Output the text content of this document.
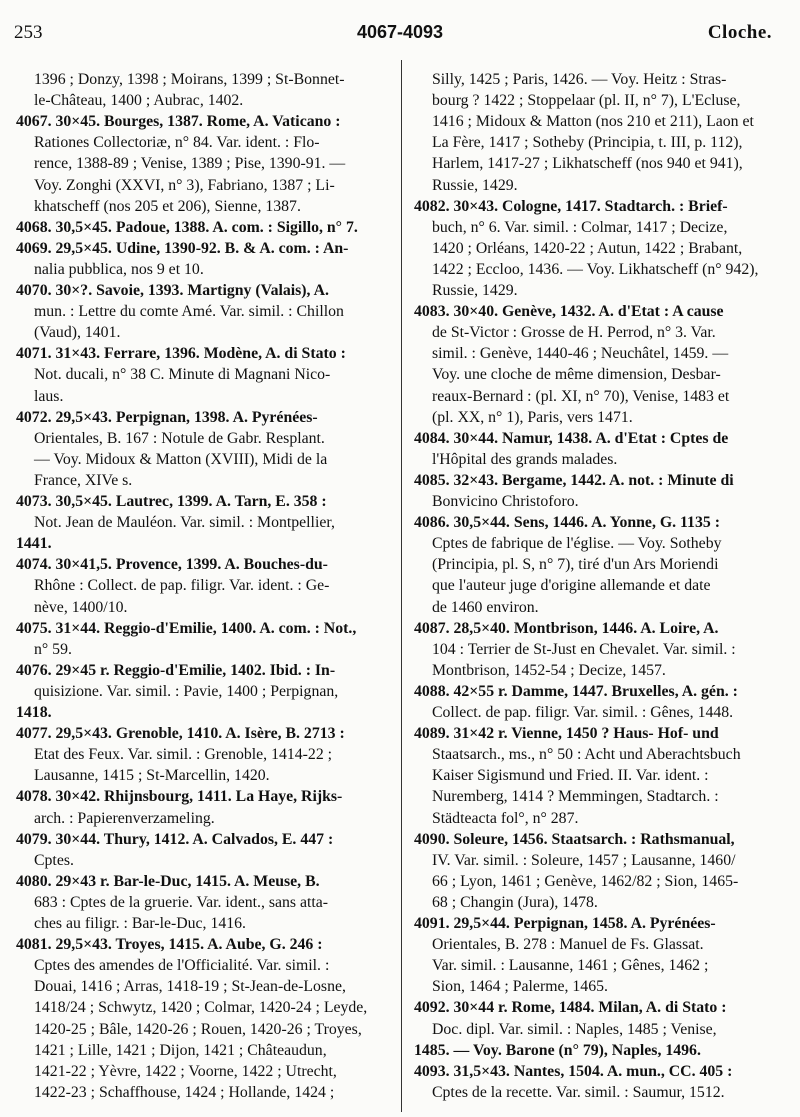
253	4067-4093	Cloche.
1396 ; Donzy, 1398 ; Moirans, 1399 ; St-Bonnet-
le-Château, 1400 ; Aubrac, 1402.
4067. 30×45. Bourges, 1387. Rome, A. Vaticano :
Rationes Collectoriæ, n° 84. Var. ident. : Flo-
rence, 1388-89 ; Venise, 1389 ; Pise, 1390-91. —
Voy. Zonghi (XXVI, n° 3), Fabriano, 1387 ; Li-
khatscheff (nos 205 et 206), Sienne, 1387.
4068. 30,5×45. Padoue, 1388. A. com. : Sigillo, n° 7.
4069. 29,5×45. Udine, 1390-92. B. & A. com. : An-
nalia pubblica, nos 9 et 10.
4070. 30×?. Savoie, 1393. Martigny (Valais), A.
mun. : Lettre du comte Amé. Var. simil. : Chillon
(Vaud), 1401.
4071. 31×43. Ferrare, 1396. Modène, A. di Stato :
Not. ducali, n° 38 C. Minute di Magnani Nico-
laus.
4072. 29,5×43. Perpignan, 1398. A. Pyrénées-
Orientales, B. 167 : Notule de Gabr. Resplant.
— Voy. Midoux & Matton (XVIII), Midi de la
France, XIVe s.
4073. 30,5×45. Lautrec, 1399. A. Tarn, E. 358 :
Not. Jean de Mauléon. Var. simil. : Montpellier,
1441.
4074. 30×41,5. Provence, 1399. A. Bouches-du-
Rhône : Collect. de pap. filigr. Var. ident. : Ge-
nève, 1400/10.
4075. 31×44. Reggio-d'Emilie, 1400. A. com. : Not.,
n° 59.
4076. 29×45 r. Reggio-d'Emilie, 1402. Ibid. : In-
quisizione. Var. simil. : Pavie, 1400 ; Perpignan,
1418.
4077. 29,5×43. Grenoble, 1410. A. Isère, B. 2713 :
Etat des Feux. Var. simil. : Grenoble, 1414-22 ;
Lausanne, 1415 ; St-Marcellin, 1420.
4078. 30×42. Rhijnsbourg, 1411. La Haye, Rijks-
arch. : Papierenverzameling.
4079. 30×44. Thury, 1412. A. Calvados, E. 447 :
Cptes.
4080. 29×43 r. Bar-le-Duc, 1415. A. Meuse, B.
683 : Cptes de la gruerie. Var. ident., sans atta-
ches au filigr. : Bar-le-Duc, 1416.
4081. 29,5×43. Troyes, 1415. A. Aube, G. 246 :
Cptes des amendes de l'Officialité. Var. simil. :
Douai, 1416 ; Arras, 1418-19 ; St-Jean-de-Losne,
1418/24 ; Schwytz, 1420 ; Colmar, 1420-24 ; Leyde,
1420-25 ; Bâle, 1420-26 ; Rouen, 1420-26 ; Troyes,
1421 ; Lille, 1421 ; Dijon, 1421 ; Châteaudun,
1421-22 ; Yèvre, 1422 ; Voorne, 1422 ; Utrecht,
1422-23 ; Schaffhouse, 1424 ; Hollande, 1424 ;
Silly, 1425 ; Paris, 1426. — Voy. Heitz : Stras-
bourg ? 1422 ; Stoppelaar (pl. II, n° 7), L'Ecluse,
1416 ; Midoux & Matton (nos 210 et 211), Laon et
La Fère, 1417 ; Sotheby (Principia, t. III, p. 112),
Harlem, 1417-27 ; Likhatscheff (nos 940 et 941),
Russie, 1429.
4082. 30×43. Cologne, 1417. Stadtarch. : Brief-
buch, n° 6. Var. simil. : Colmar, 1417 ; Decize,
1420 ; Orléans, 1420-22 ; Autun, 1422 ; Brabant,
1422 ; Eccloo, 1436. — Voy. Likhatscheff (n° 942),
Russie, 1429.
4083. 30×40. Genève, 1432. A. d'Etat : A cause
de St-Victor : Grosse de H. Perrod, n° 3. Var.
simil. : Genève, 1440-46 ; Neuchâtel, 1459. —
Voy. une cloche de même dimension, Desbar-
reaux-Bernard : (pl. XI, n° 70), Venise, 1483 et
(pl. XX, n° 1), Paris, vers 1471.
4084. 30×44. Namur, 1438. A. d'Etat : Cptes de
l'Hôpital des grands malades.
4085. 32×43. Bergame, 1442. A. not. : Minute di
Bonvicino Christoforo.
4086. 30,5×44. Sens, 1446. A. Yonne, G. 1135 :
Cptes de fabrique de l'église. — Voy. Sotheby
(Principia, pl. S, n° 7), tiré d'un Ars Moriendi
que l'auteur juge d'origine allemande et date
de 1460 environ.
4087. 28,5×40. Montbrison, 1446. A. Loire, A.
104 : Terrier de St-Just en Chevalet. Var. simil. :
Montbrison, 1452-54 ; Decize, 1457.
4088. 42×55 r. Damme, 1447. Bruxelles, A. gén. :
Collect. de pap. filigr. Var. simil. : Gênes, 1448.
4089. 31×42 r. Vienne, 1450 ? Haus- Hof- und
Staatsarch., ms., n° 50 : Acht und Aberachtsbuch
Kaiser Sigismund und Fried. II. Var. ident. :
Nuremberg, 1414 ? Memmingen, Stadtarch. :
Städteacta fol°, n° 287.
4090. Soleure, 1456. Staatsarch. : Rathsmanual,
IV. Var. simil. : Soleure, 1457 ; Lausanne, 1460/
66 ; Lyon, 1461 ; Genève, 1462/82 ; Sion, 1465-
68 ; Changin (Jura), 1478.
4091. 29,5×44. Perpignan, 1458. A. Pyrénées-
Orientales, B. 278 : Manuel de Fs. Glassat.
Var. simil. : Lausanne, 1461 ; Gênes, 1462 ;
Sion, 1464 ; Palerme, 1465.
4092. 30×44 r. Rome, 1484. Milan, A. di Stato :
Doc. dipl. Var. simil. : Naples, 1485 ; Venise,
1485. — Voy. Barone (n° 79), Naples, 1496.
4093. 31,5×43. Nantes, 1504. A. mun., CC. 405 :
Cptes de la recette. Var. simil. : Saumur, 1512.
